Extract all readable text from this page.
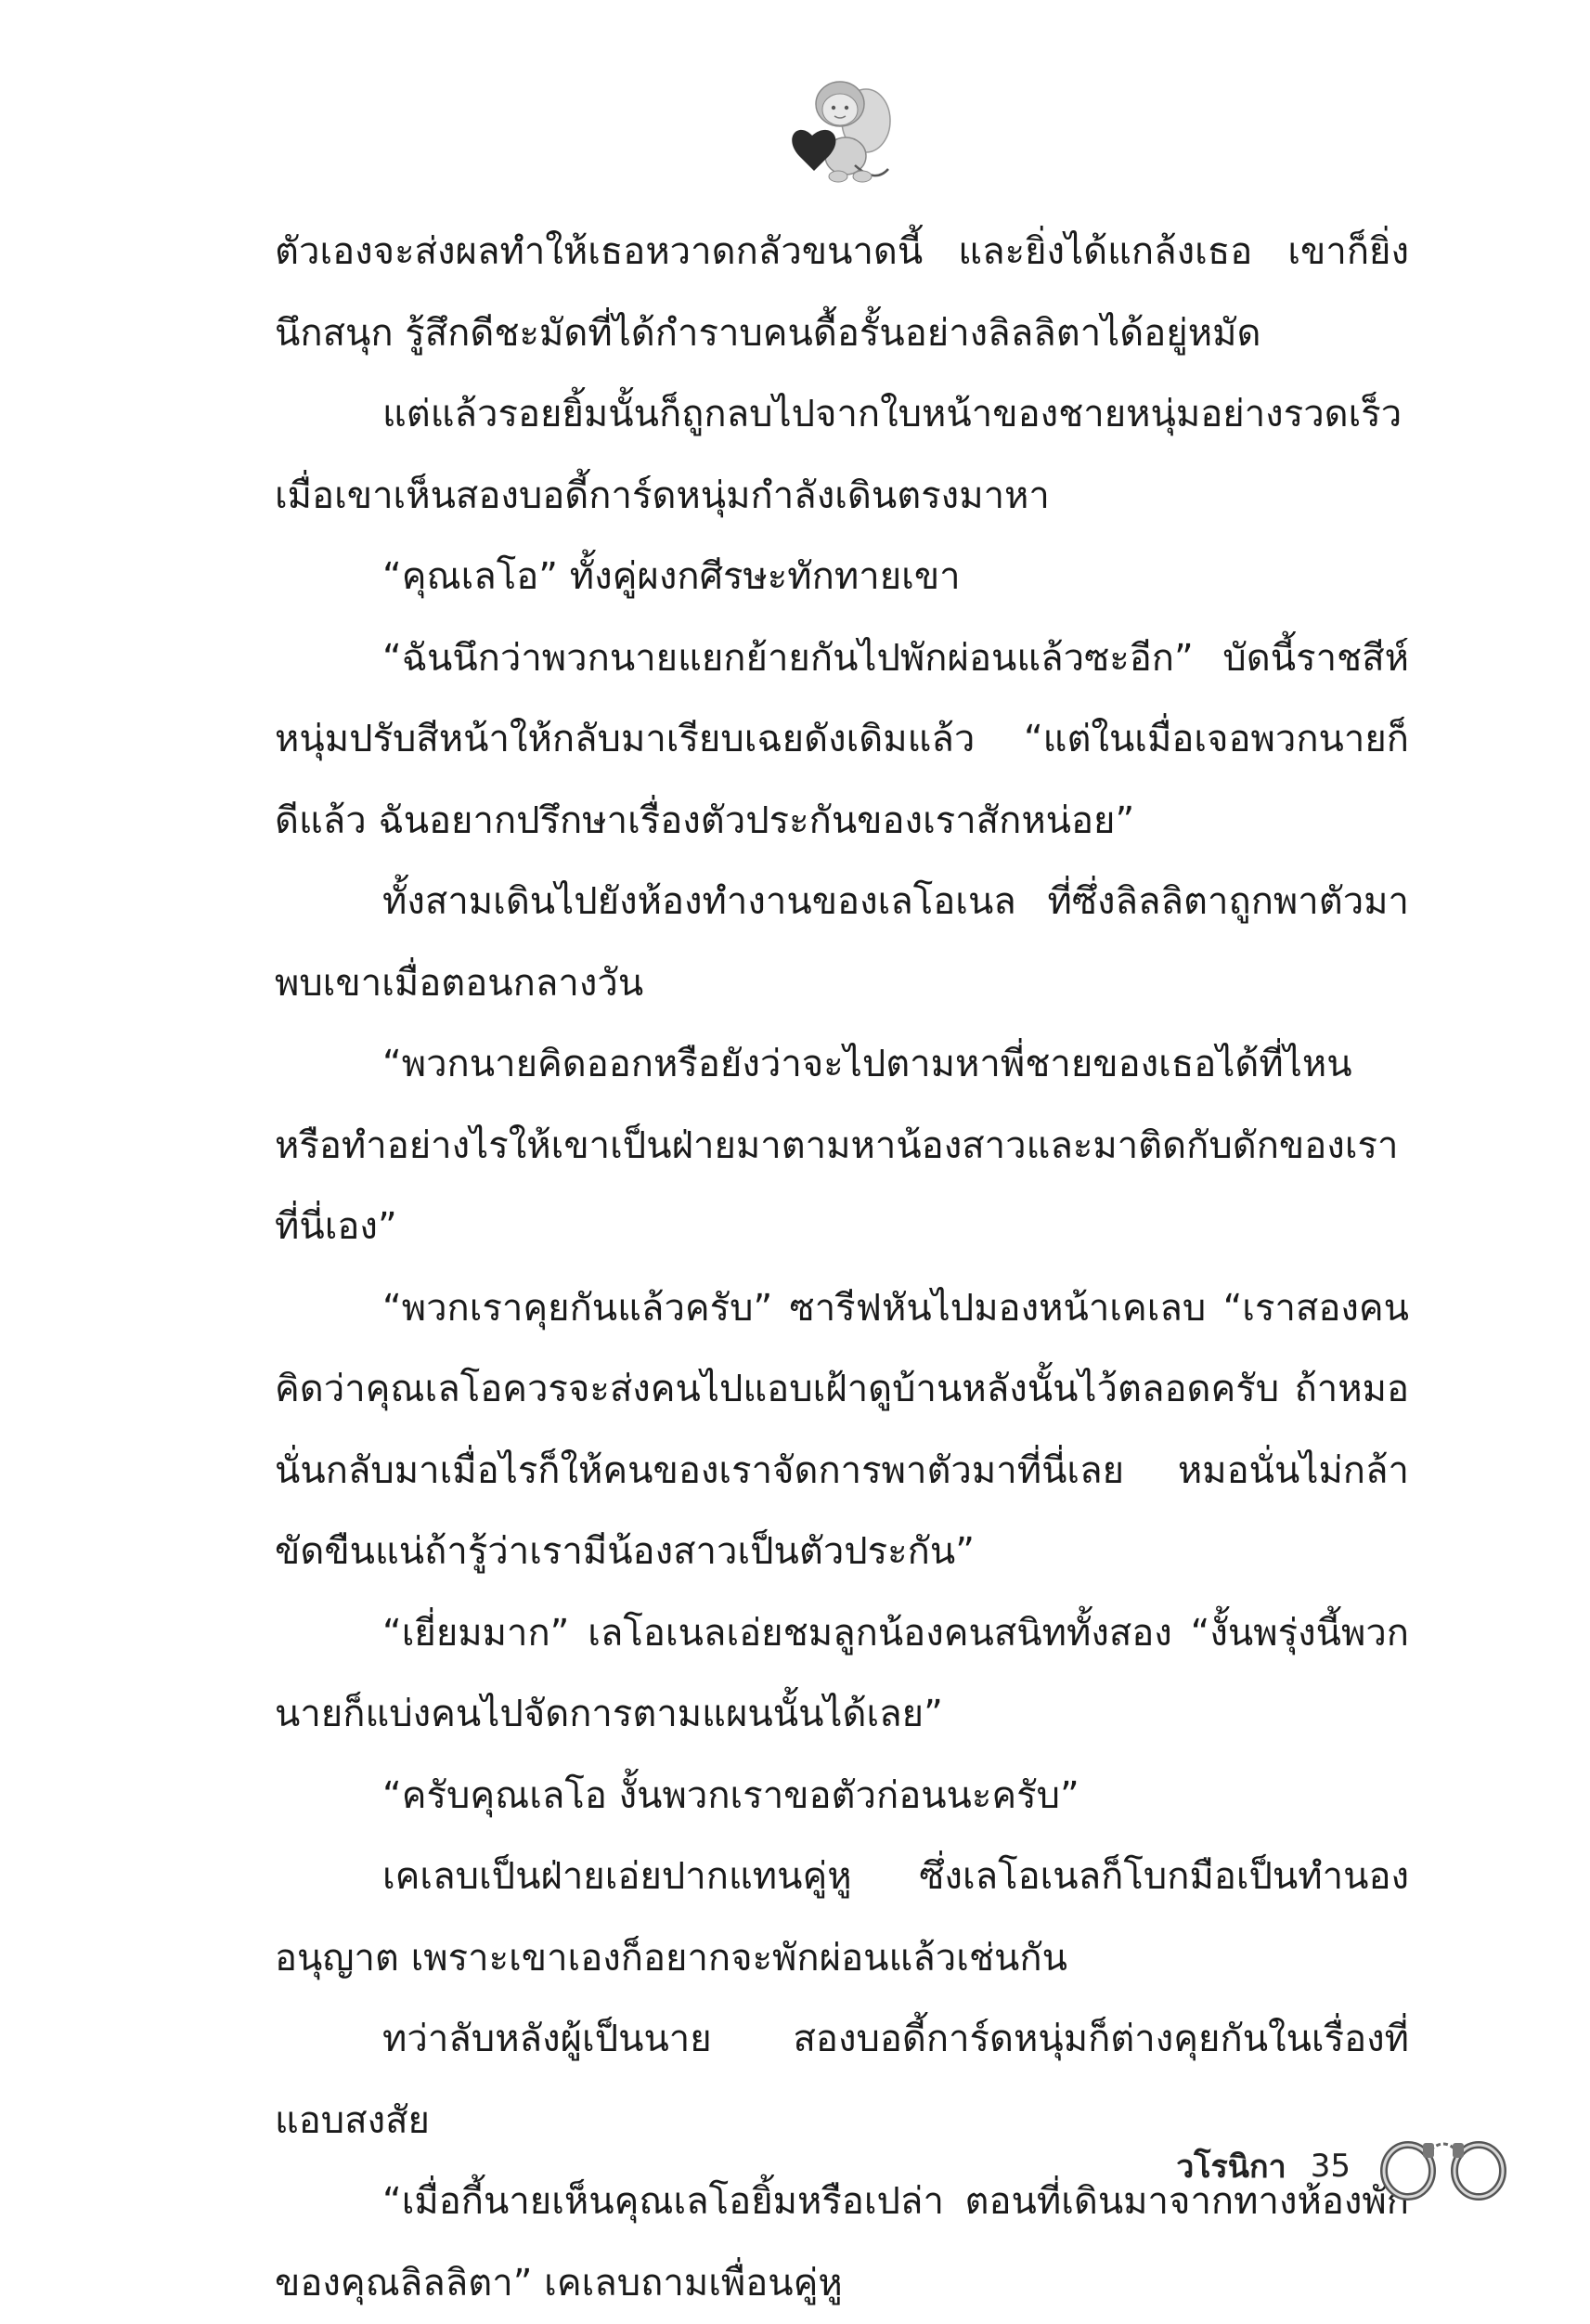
ตัวเองจะส่งผลทำให้เธอหวาดกลัวขนาดนี้ และยิ่งได้แกล้งเธอ เขาก็ยิ่งนึกสนุก รู้สึกดีชะมัดที่ได้กำราบคนดื้อรั้นอย่างลิลลิตาได้อยู่หมัด

แต่แล้วรอยยิ้มนั้นก็ถูกลบไปจากใบหน้าของชายหนุ่มอย่างรวดเร็ว เมื่อเขาเห็นสองบอดี้การ์ดหนุ่มกำลังเดินตรงมาหา

“คุณเลโอ” ทั้งคู่ผงกศีรษะทักทายเขา

“ฉันนึกว่าพวกนายแยกย้ายกันไปพักผ่อนแล้วซะอีก” บัดนี้ราชสีห์หนุ่มปรับสีหน้าให้กลับมาเรียบเฉยดังเดิมแล้ว “แต่ในเมื่อเจอพวกนายก็ดีแล้ว ฉันอยากปรึกษาเรื่องตัวประกันของเราสักหน่อย”

ทั้งสามเดินไปยังห้องทำงานของเลโอเนล ที่ซึ่งลิลลิตาถูกพาตัวมาพบเขาเมื่อตอนกลางวัน

“พวกนายคิดออกหรือยังว่าจะไปตามหาพี่ชายของเธอได้ที่ไหน หรือทำอย่างไรให้เขาเป็นฝ่ายมาตามหาน้องสาวและมาติดกับดักของเราที่นี่เอง”

“พวกเราคุยกันแล้วครับ” ซารีฟหันไปมองหน้าเคเลบ “เราสองคนคิดว่าคุณเลโอควรจะส่งคนไปแอบเฝ้าดูบ้านหลังนั้นไว้ตลอดครับ ถ้าหมอนั่นกลับมาเมื่อไรก็ให้คนของเราจัดการพาตัวมาที่นี่เลย หมอนั่นไม่กล้าขัดขืนแน่ถ้ารู้ว่าเรามีน้องสาวเป็นตัวประกัน”

“เยี่ยมมาก” เลโอเนลเอ่ยชมลูกน้องคนสนิททั้งสอง “งั้นพรุ่งนี้พวกนายก็แบ่งคนไปจัดการตามแผนนั้นได้เลย”

“ครับคุณเลโอ งั้นพวกเราขอตัวก่อนนะครับ”

เคเลบเป็นฝ่ายเอ่ยปากแทนคู่หู ซึ่งเลโอเนลก็โบกมือเป็นทำนองอนุญาต เพราะเขาเองก็อยากจะพักผ่อนแล้วเช่นกัน

ทว่าลับหลังผู้เป็นนาย สองบอดี้การ์ดหนุ่มก็ต่างคุยกันในเรื่องที่แอบสงสัย

“เมื่อกี้นายเห็นคุณเลโอยิ้มหรือเปล่า ตอนที่เดินมาจากทางห้องพักของคุณลิลลิตา” เคเลบถามเพื่อนคู่หู

วโรนิกา 35
